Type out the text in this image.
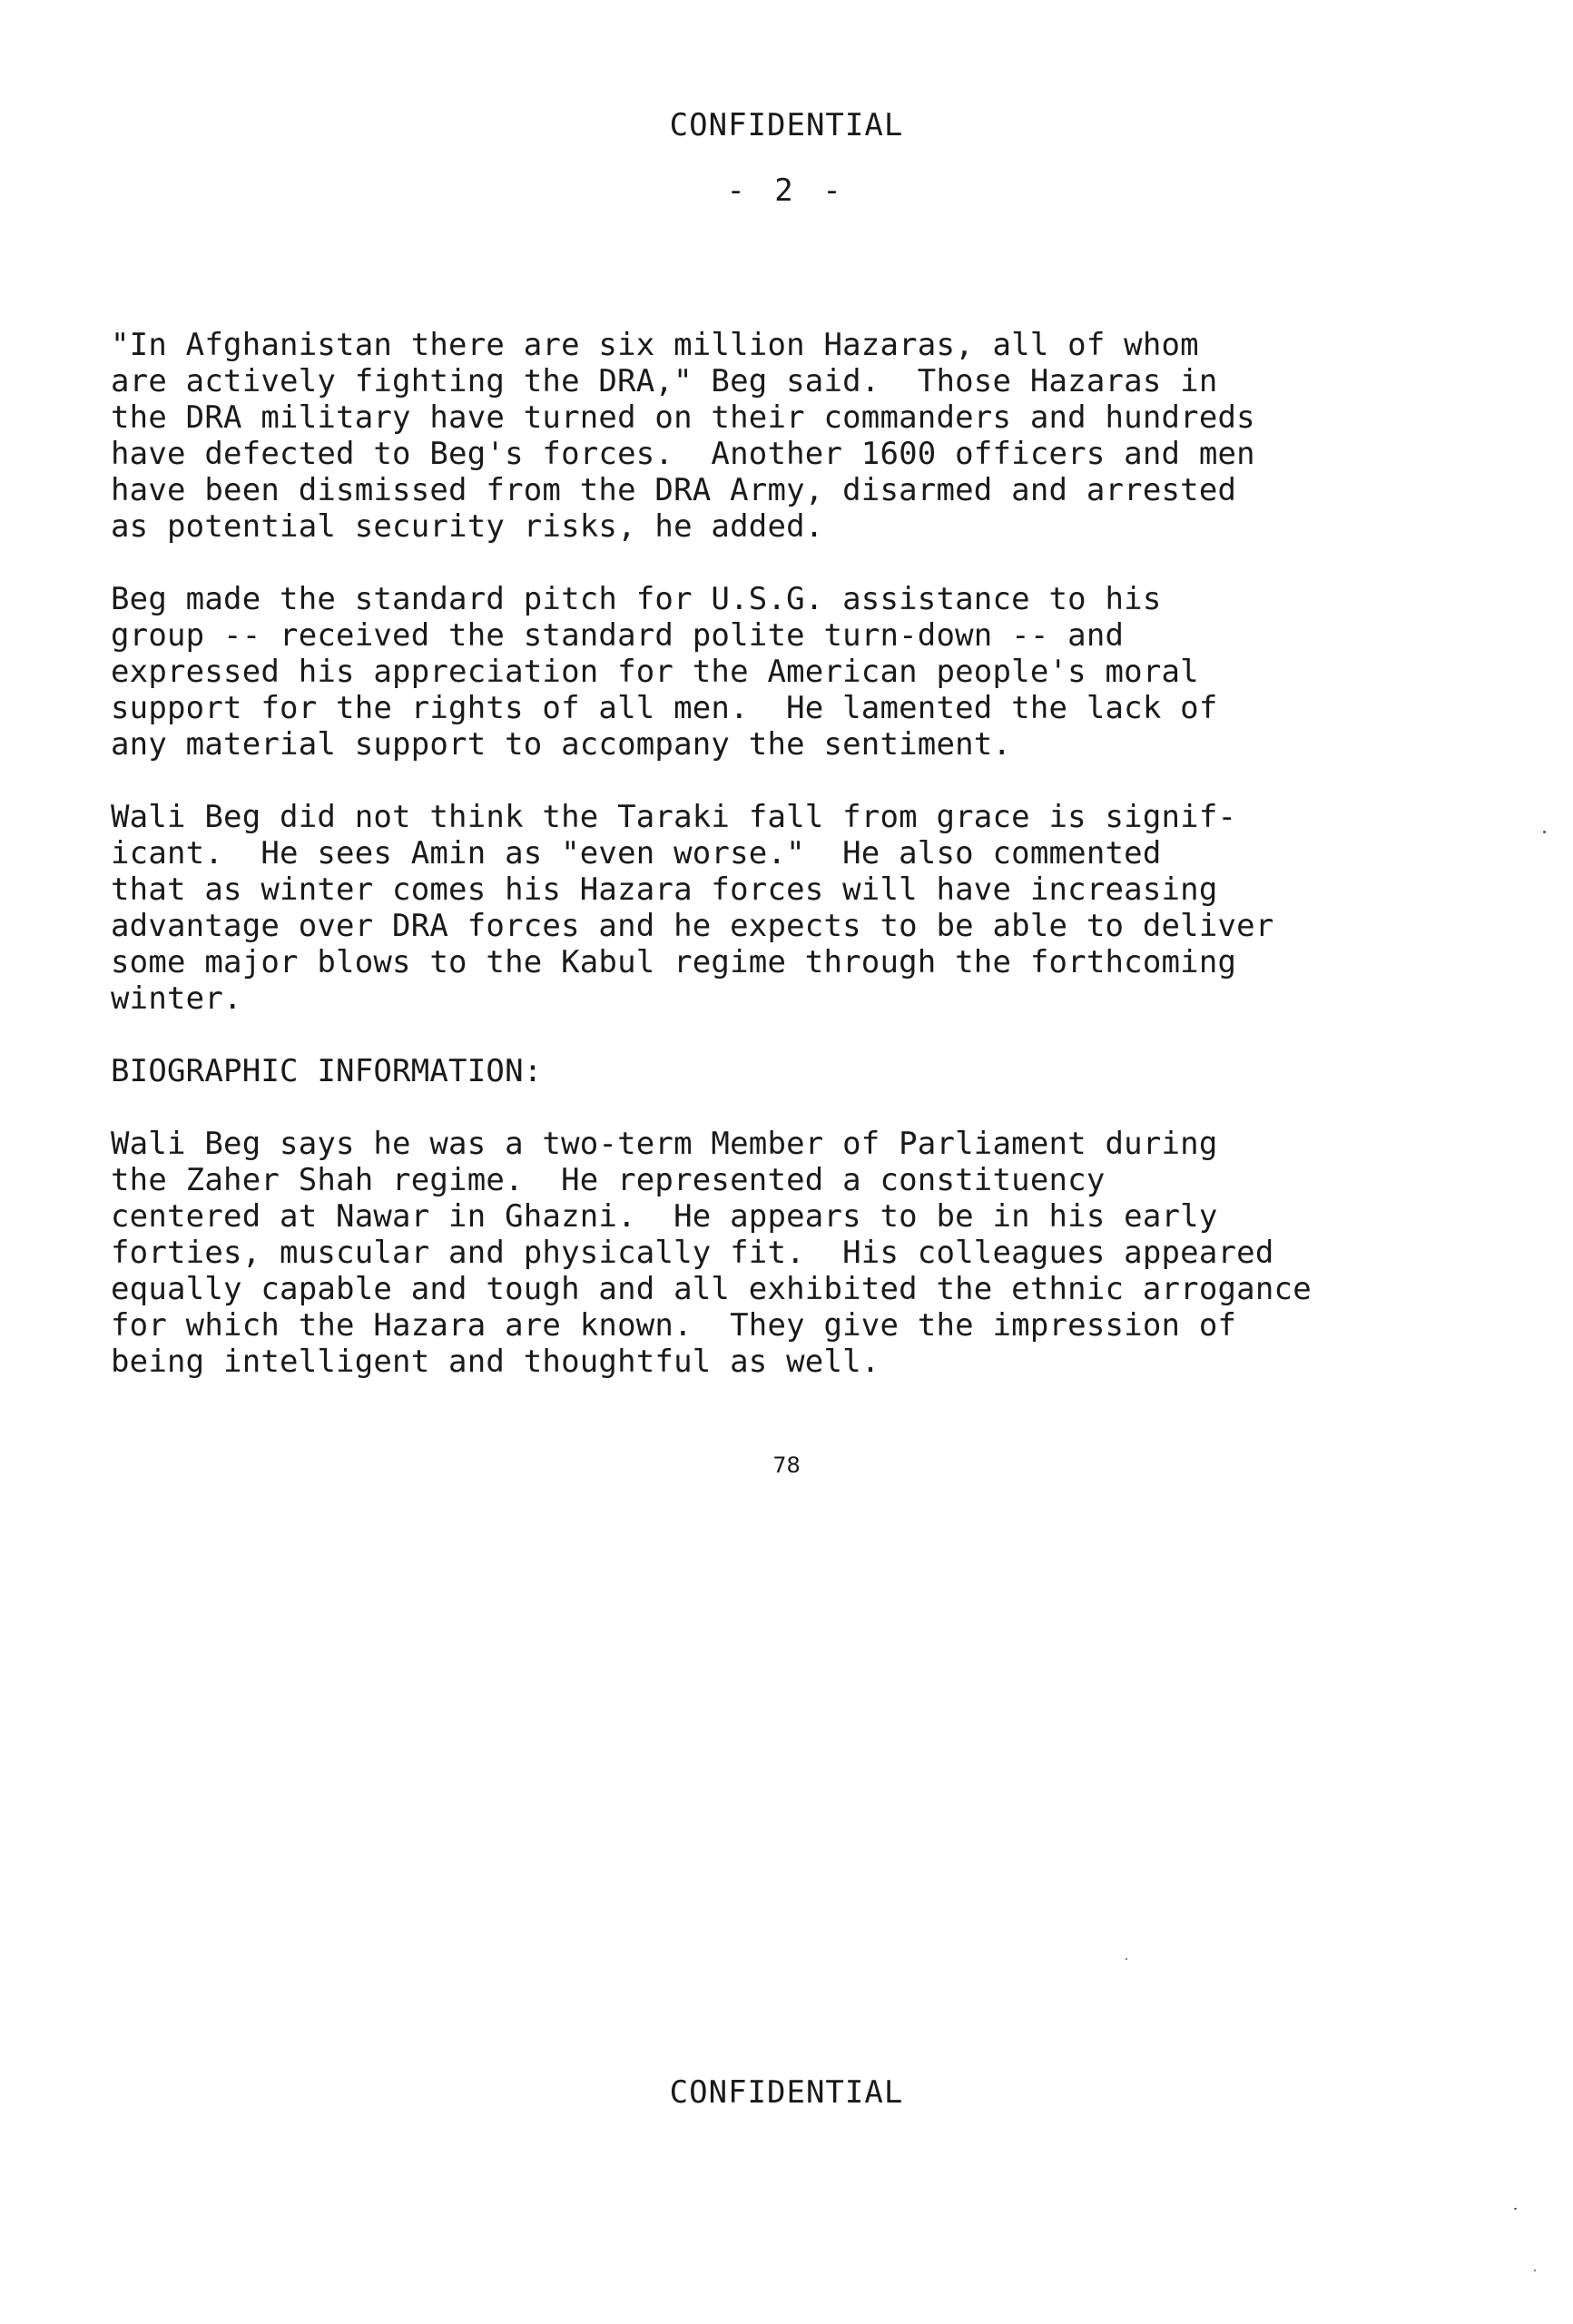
CONFIDENTIAL
- 2 -
"In Afghanistan there are six million Hazaras, all of whom
are actively fighting the DRA," Beg said.  Those Hazaras in
the DRA military have turned on their commanders and hundreds
have defected to Beg's forces.  Another 1600 officers and men
have been dismissed from the DRA Army, disarmed and arrested
as potential security risks, he added.
Beg made the standard pitch for U.S.G. assistance to his
group -- received the standard polite turn-down -- and
expressed his appreciation for the American people's moral
support for the rights of all men.  He lamented the lack of
any material support to accompany the sentiment.
Wali Beg did not think the Taraki fall from grace is signif-
icant.  He sees Amin as "even worse."  He also commented
that as winter comes his Hazara forces will have increasing
advantage over DRA forces and he expects to be able to deliver
some major blows to the Kabul regime through the forthcoming
winter.
BIOGRAPHIC INFORMATION:
Wali Beg says he was a two-term Member of Parliament during
the Zaher Shah regime.  He represented a constituency
centered at Nawar in Ghazni.  He appears to be in his early
forties, muscular and physically fit.  His colleagues appeared
equally capable and tough and all exhibited the ethnic arrogance
for which the Hazara are known.  They give the impression of
being intelligent and thoughtful as well.
78
CONFIDENTIAL
